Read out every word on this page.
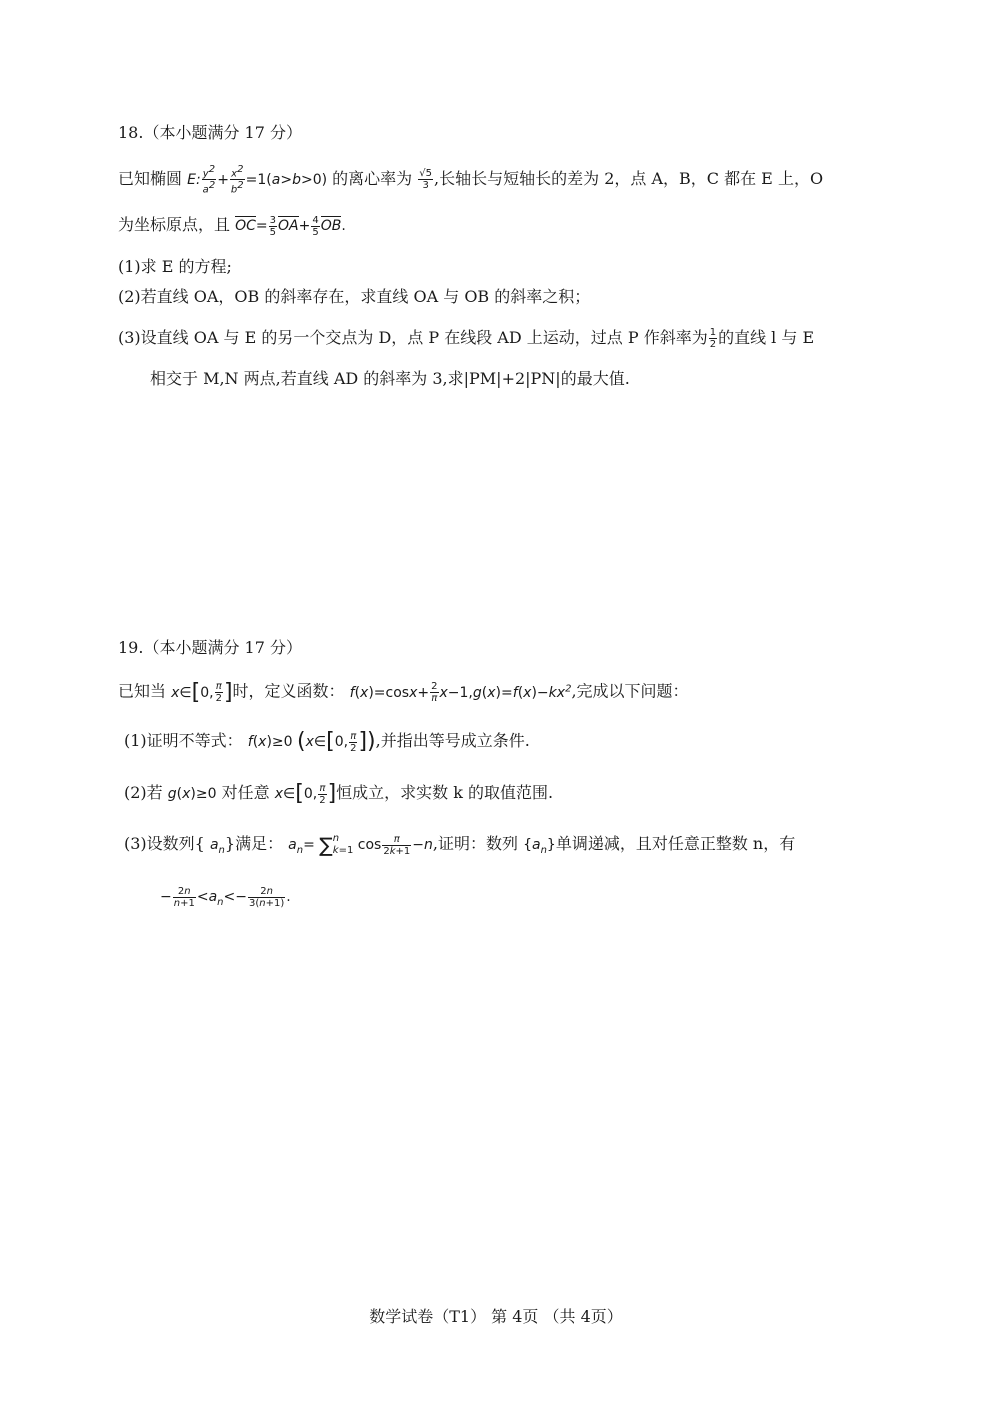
18.（本小题满分 17 分）
已知椭圆 E: $\frac{y^2}{a^2} + \frac{x^2}{b^2} =1(a>b>0)$ 的离心率为 $\frac{√5}{3}$ ,长轴长与短轴长的差为 2，点 A，B，C 都在 E 上，O
为坐标原点，且 $OC= \frac{3}{5} OA+ \frac{4}{5}$ OB.
(1)求 E 的方程;
(2)若直线 OA，OB 的斜率存在，求直线 OA 与 OB 的斜率之积；
(3)设直线 OA 与 E 的另一个交点为 D，点 P 在线段 AD 上运动，过点 P 作斜率为 $\frac{1}{2}$ 的直线 l 与 E
相交于 M,N 两点,若直线 AD 的斜率为 3,求|PM|+2|PN|的最大值.
19.（本小题满分 17 分）
已知当 x∈[0, $\frac{\pi}{2}$ ]时，定义函数： $f(x)=\cos x+ \frac{2}{\pi} x-1,g(x)=f(x)-kx^2$,完成以下问题：
(1)证明不等式： f(x)≥0 (x∈[0, $\frac{\pi}{2}$ ]),并指出等号成立条件.
(2)若 g(x)≥0 对任意 x∈[0, $\frac{\pi}{2}$ ]恒成立，求实数 k 的取值范围.
(3)设数列{ $a_n$}满足： $a_n=$ ∑ n
k=1 $\cos \frac{\pi}{2k+1} -n$,证明：数列 $\{a_n\}$单调递减，且对任意正整数 n，有
− $\frac{2n}{n+1} <a_n<- \frac{2n}{3(n+1)}$ .
数学试卷（T1） 第 4页 （共 4页）
